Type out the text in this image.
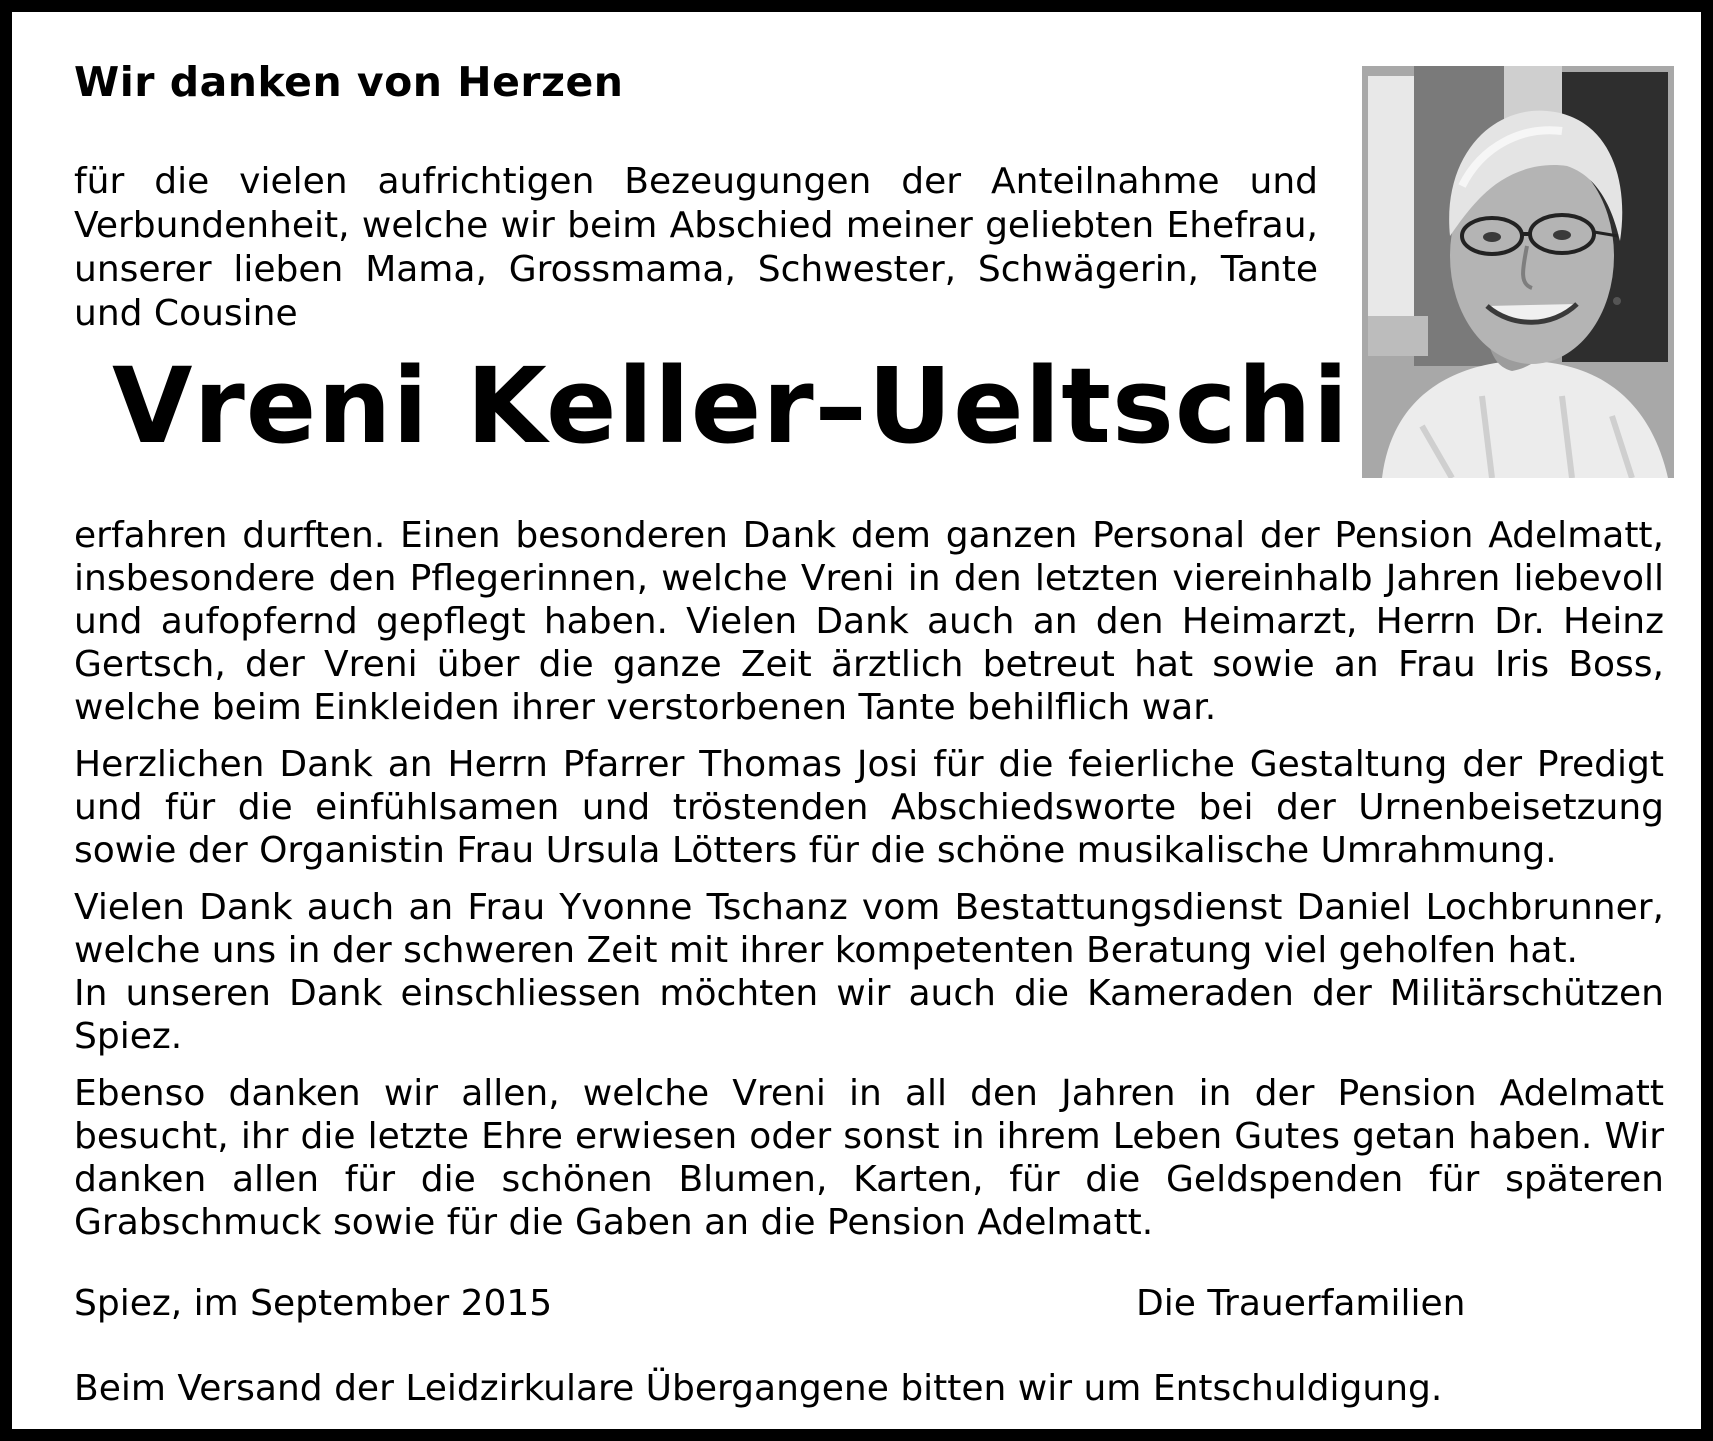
Wir danken von Herzen
für die vielen aufrichtigen Bezeugungen der Anteilnahme und Verbundenheit, welche wir beim Abschied meiner geliebten Ehefrau, unserer lieben Mama, Grossmama, Schwester, Schwägerin, Tante und Cousine
Vreni Keller–Ueltschi

erfahren durften. Einen besonderen Dank dem ganzen Personal der Pension Adelmatt, insbesondere den Pflegerinnen, welche Vreni in den letzten viereinhalb Jahren liebevoll und aufopfernd gepflegt haben. Vielen Dank auch an den Heimarzt, Herrn Dr. Heinz Gertsch, der Vreni über die ganze Zeit ärztlich betreut hat sowie an Frau Iris Boss, welche beim Einkleiden ihrer verstorbenen Tante behilflich war.

Herzlichen Dank an Herrn Pfarrer Thomas Josi für die feierliche Gestaltung der Predigt und für die einfühlsamen und tröstenden Abschiedsworte bei der Urnenbeisetzung sowie der Organistin Frau Ursula Lötters für die schöne musikalische Umrahmung.

Vielen Dank auch an Frau Yvonne Tschanz vom Bestattungsdienst Daniel Lochbrunner, welche uns in der schweren Zeit mit ihrer kompetenten Beratung viel geholfen hat.

In unseren Dank einschliessen möchten wir auch die Kameraden der Militärschützen Spiez.

Ebenso danken wir allen, welche Vreni in all den Jahren in der Pension Adelmatt besucht, ihr die letzte Ehre erwiesen oder sonst in ihrem Leben Gutes getan haben. Wir danken allen für die schönen Blumen, Karten, für die Geldspenden für späteren Grabschmuck sowie für die Gaben an die Pension Adelmatt.

Spiez, im September 2015	Die Trauerfamilien
Beim Versand der Leidzirkulare Übergangene bitten wir um Entschuldigung.
